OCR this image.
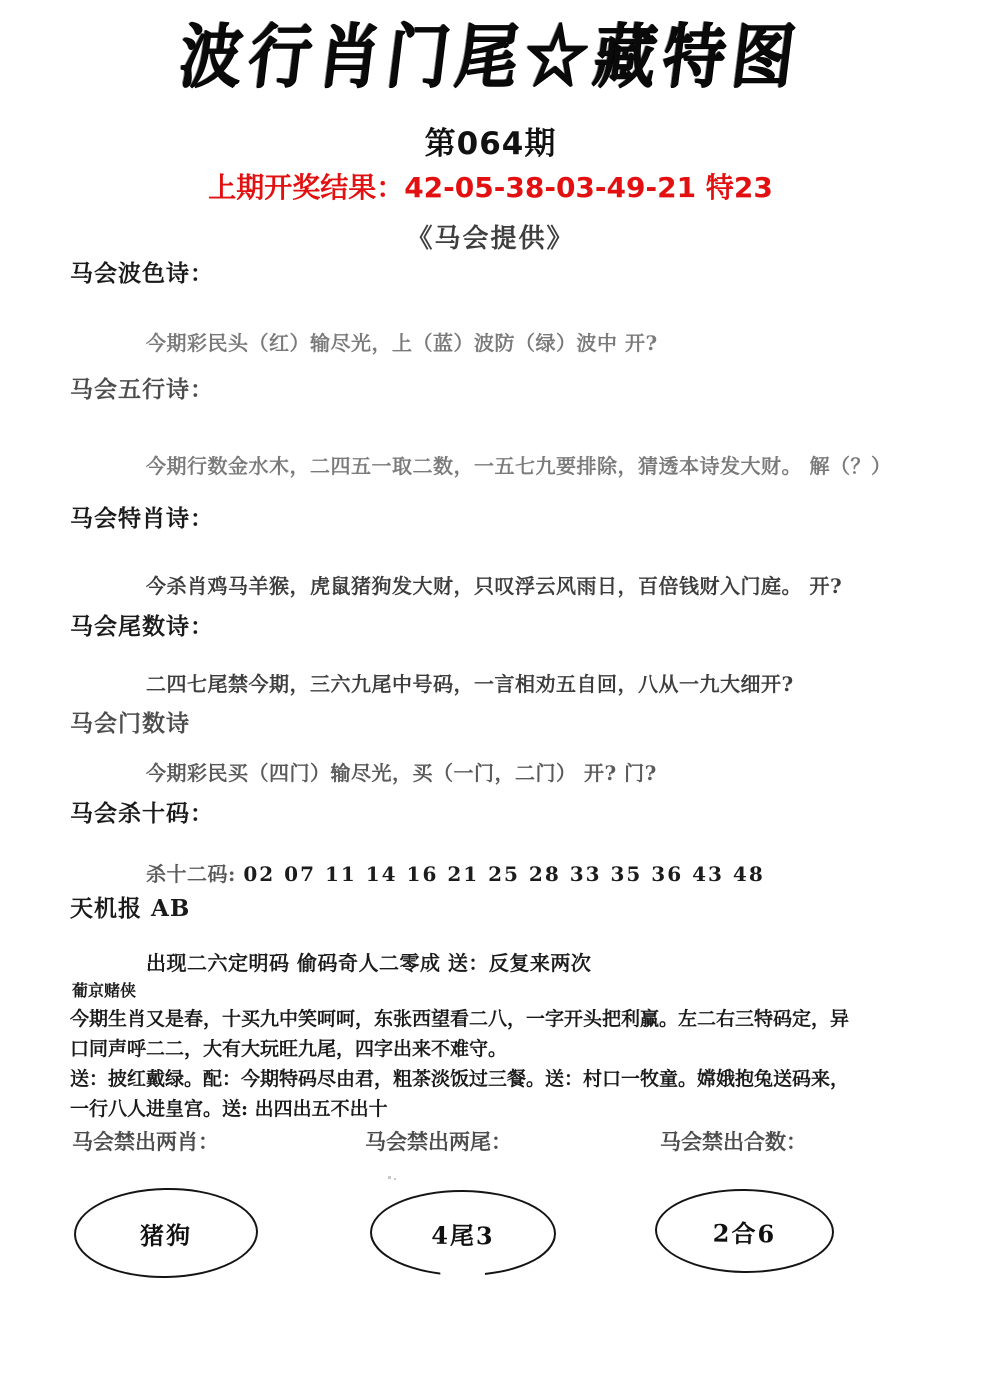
波行肖门尾☆藏特图
第064期
上期开奖结果：42-05-38-03-49-21 特23
《马会提供》
马会波色诗：
今期彩民头（红）输尽光，上（蓝）波防（绿）波中 开?
马会五行诗：
今期行数金水木，二四五一取二数，一五七九要排除，猜透本诗发大财。 解（？）
马会特肖诗：
今杀肖鸡马羊猴，虎鼠猪狗发大财，只叹浮云风雨日，百倍钱财入门庭。 开?
马会尾数诗：
二四七尾禁今期，三六九尾中号码，一言相劝五自回，八从一九大细开?
马会门数诗
今期彩民买（四门）输尽光，买（一门，二门） 开? 门?
马会杀十码：
杀十二码: 02 07 11 14 16 21 25 28 33 35 36 43 48
天机报 AB
出现二六定明码 偷码奇人二零成 送：反复来两次
葡京赌侠
今期生肖又是春，十买九中笑呵呵，东张西望看二八，一字开头把利赢。左二右三特码定，异
口同声呼二二，大有大玩旺九尾，四字出来不难守。
送：披红戴绿。配：今期特码尽由君，粗茶淡饭过三餐。送：村口一牧童。嫦娥抱兔送码来，
一行八人进皇宫。送: 出四出五不出十
马会禁出两肖：	马会禁出两尾：	马会禁出合数：
猪狗	4尾3	2合6
